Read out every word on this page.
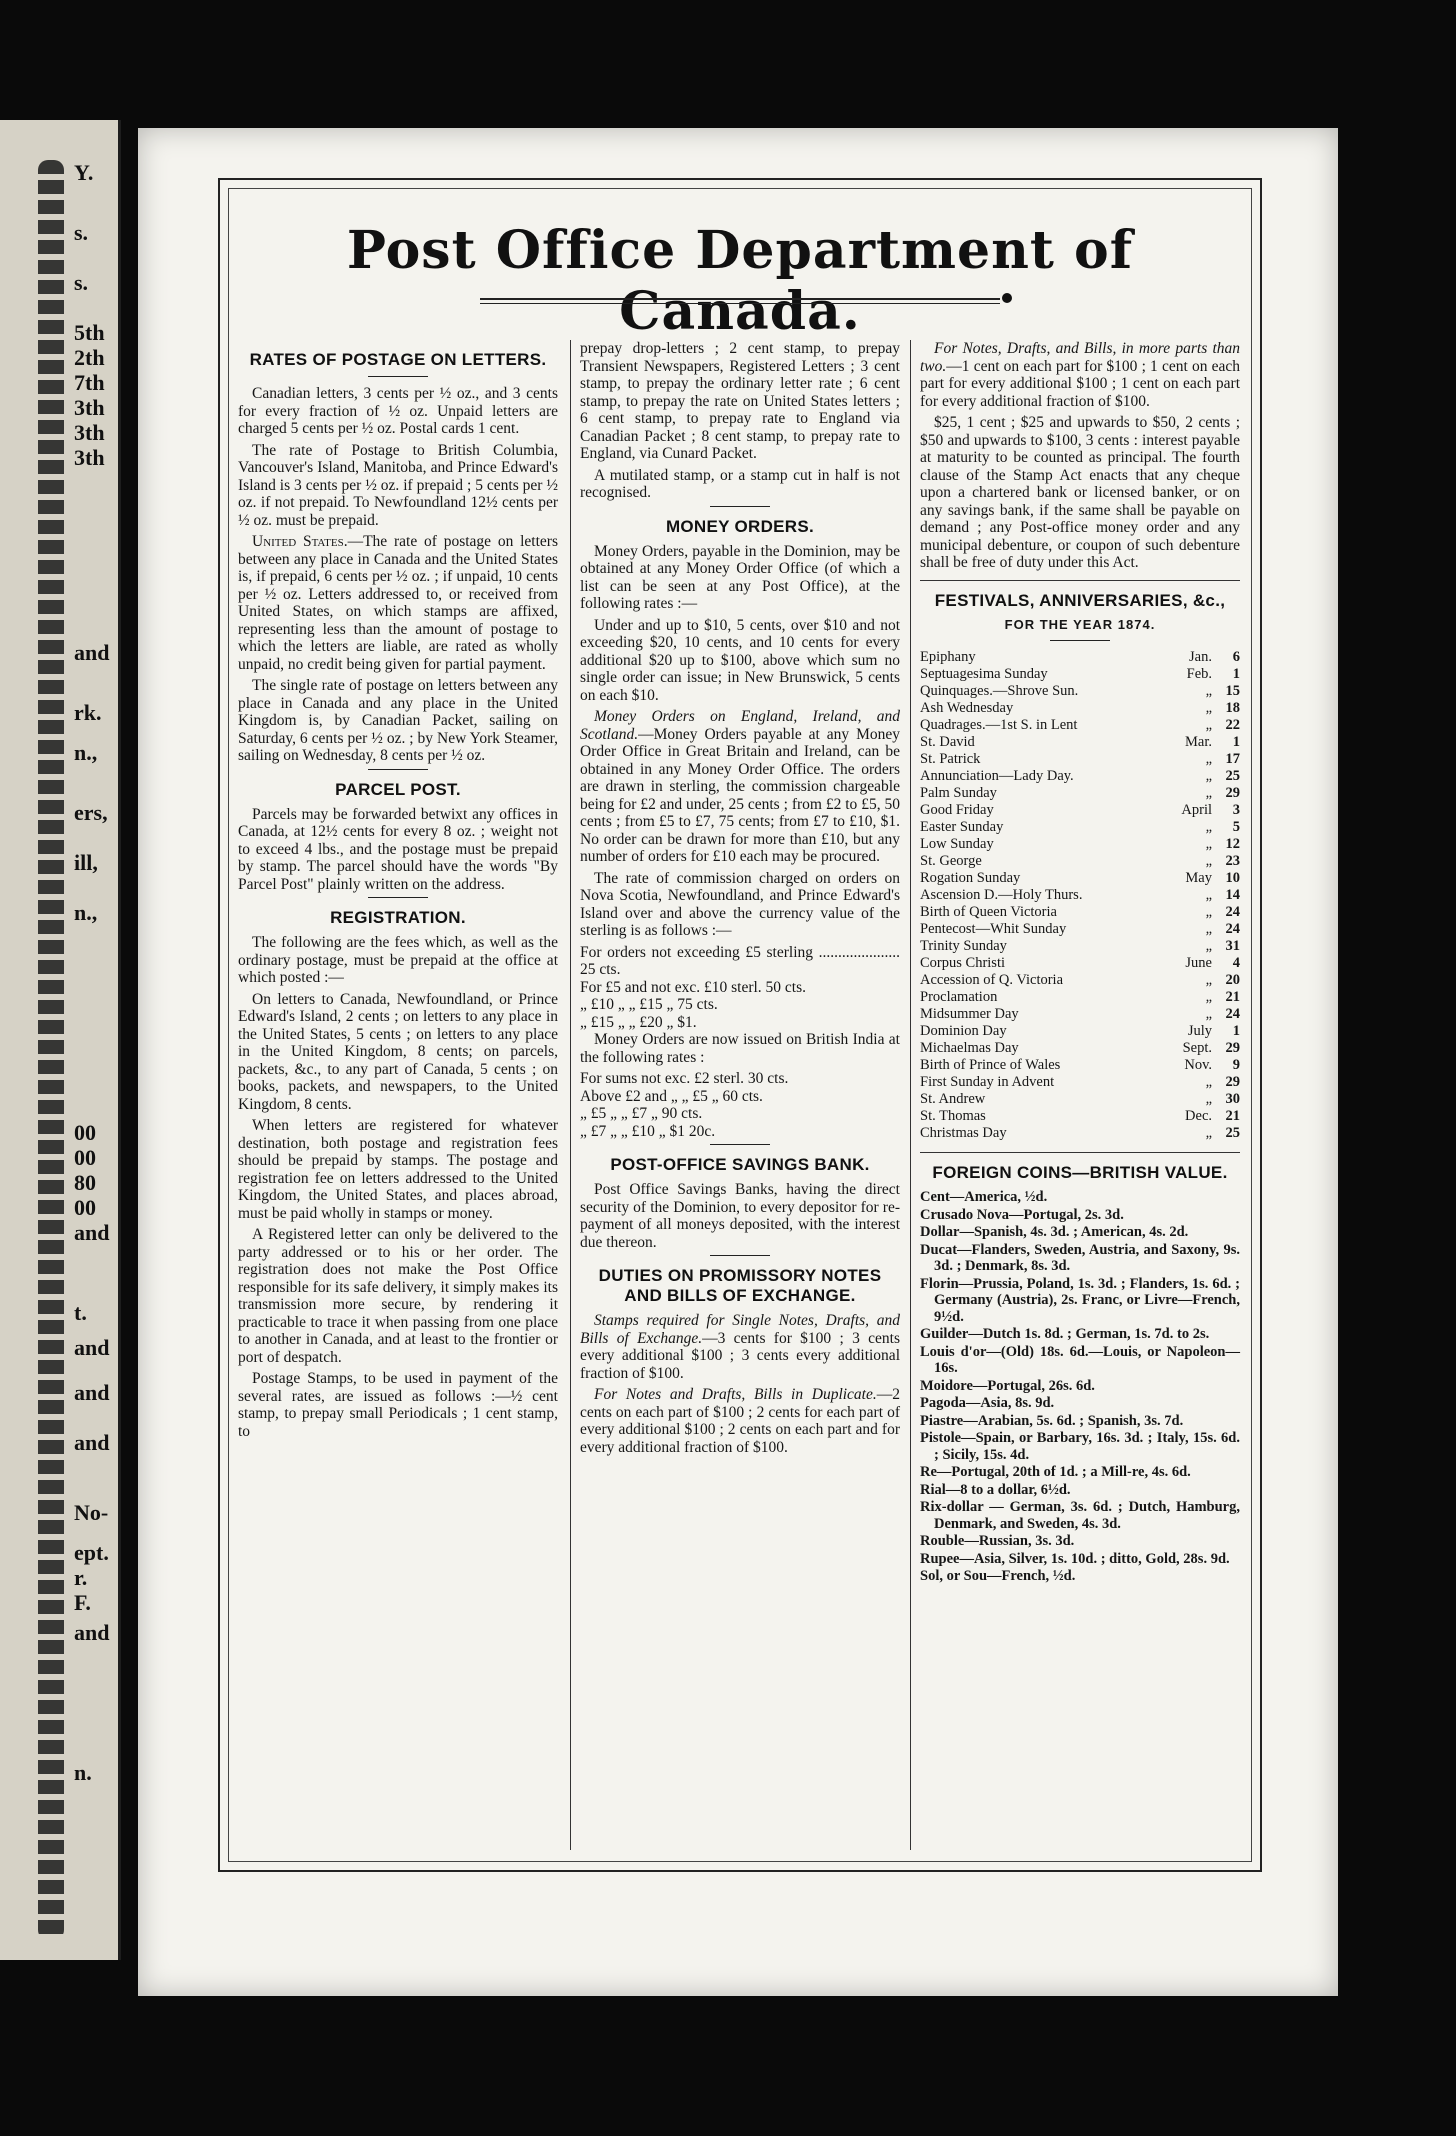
Y.
s.
s.
5th
2th
7th
3th
3th
3th
and
rk.
n.,
ers,
ill,
n.,
00
00
80
00
and
t.
and
and
and
No-
ept.
r.
F.
and
n.
Post Office Department of Canada.
RATES OF POSTAGE ON LETTERS.

Canadian letters, 3 cents per ½ oz., and 3 cents for every fraction of ½ oz. Unpaid letters are charged 5 cents per ½ oz. Postal cards 1 cent.

The rate of Postage to British Columbia, Vancouver's Island, Manitoba, and Prince Edward's Island is 3 cents per ½ oz. if prepaid ; 5 cents per ½ oz. if not prepaid. To Newfoundland 12½ cents per ½ oz. must be prepaid.

United States.—The rate of postage on letters between any place in Canada and the United States is, if prepaid, 6 cents per ½ oz. ; if unpaid, 10 cents per ½ oz. Letters addressed to, or received from United States, on which stamps are affixed, representing less than the amount of postage to which the letters are liable, are rated as wholly unpaid, no credit being given for partial payment.

The single rate of postage on letters between any place in Canada and any place in the United Kingdom is, by Canadian Packet, sailing on Saturday, 6 cents per ½ oz. ; by New York Steamer, sailing on Wednesday, 8 cents per ½ oz.

PARCEL POST.

Parcels may be forwarded betwixt any offices in Canada, at 12½ cents for every 8 oz. ; weight not to exceed 4 lbs., and the postage must be prepaid by stamp. The parcel should have the words "By Parcel Post" plainly written on the address.

REGISTRATION.

The following are the fees which, as well as the ordinary postage, must be prepaid at the office at which posted :—

On letters to Canada, Newfoundland, or Prince Edward's Island, 2 cents ; on letters to any place in the United States, 5 cents ; on letters to any place in the United Kingdom, 8 cents; on parcels, packets, &c., to any part of Canada, 5 cents ; on books, packets, and newspapers, to the United Kingdom, 8 cents.

When letters are registered for whatever destination, both postage and registration fees should be prepaid by stamps. The postage and registration fee on letters addressed to the United Kingdom, the United States, and places abroad, must be paid wholly in stamps or money.

A Registered letter can only be delivered to the party addressed or to his or her order. The registration does not make the Post Office responsible for its safe delivery, it simply makes its transmission more secure, by rendering it practicable to trace it when passing from one place to another in Canada, and at least to the frontier or port of despatch.

Postage Stamps, to be used in payment of the several rates, are issued as follows :—½ cent stamp, to prepay small Periodicals ; 1 cent stamp, to

prepay drop-letters ; 2 cent stamp, to prepay Transient Newspapers, Registered Letters ; 3 cent stamp, to prepay the ordinary letter rate ; 6 cent stamp, to prepay the rate on United States letters ; 6 cent stamp, to prepay rate to England via Canadian Packet ; 8 cent stamp, to prepay rate to England, via Cunard Packet.

A mutilated stamp, or a stamp cut in half is not recognised.

MONEY ORDERS.

Money Orders, payable in the Dominion, may be obtained at any Money Order Office (of which a list can be seen at any Post Office), at the following rates :—

Under and up to $10, 5 cents, over $10 and not exceeding $20, 10 cents, and 10 cents for every additional $20 up to $100, above which sum no single order can issue; in New Brunswick, 5 cents on each $10.

Money Orders on England, Ireland, and Scotland.—Money Orders payable at any Money Order Office in Great Britain and Ireland, can be obtained in any Money Order Office. The orders are drawn in sterling, the commission chargeable being for £2 and under, 25 cents ; from £2 to £5, 50 cents ; from £5 to £7, 75 cents; from £7 to £10, $1. No order can be drawn for more than £10, but any number of orders for £10 each may be procured.

The rate of commission charged on orders on Nova Scotia, Newfoundland, and Prince Edward's Island over and above the currency value of the sterling is as follows :—

For orders not exceeding £5 sterling ..................... 25 cts.

For £5 and not exc. £10 sterl. 50 cts.

„ £10 „ „ £15 „ 75 cts.

„ £15 „ „ £20 „ $1.

Money Orders are now issued on British India at the following rates :

For sums not exc. £2 sterl. 30 cts.

Above £2 and „ „ £5 „ 60 cts.

„ £5 „ „ £7 „ 90 cts.

„ £7 „ „ £10 „ $1 20c.

POST-OFFICE SAVINGS BANK.

Post Office Savings Banks, having the direct security of the Dominion, to every depositor for re-payment of all moneys deposited, with the interest due thereon.

DUTIES ON PROMISSORY NOTES AND BILLS OF EXCHANGE.

Stamps required for Single Notes, Drafts, and Bills of Exchange.—3 cents for $100 ; 3 cents every additional $100 ; 3 cents every additional fraction of $100.

For Notes and Drafts, Bills in Duplicate.—2 cents on each part of $100 ; 2 cents for each part of every additional $100 ; 2 cents on each part and for every additional fraction of $100.

For Notes, Drafts, and Bills, in more parts than two.—1 cent on each part for $100 ; 1 cent on each part for every additional $100 ; 1 cent on each part for every additional fraction of $100.

$25, 1 cent ; $25 and upwards to $50, 2 cents ; $50 and upwards to $100, 3 cents : interest payable at maturity to be counted as principal. The fourth clause of the Stamp Act enacts that any cheque upon a chartered bank or licensed banker, or on any savings bank, if the same shall be payable on demand ; any Post-office money order and any municipal debenture, or coupon of such debenture shall be free of duty under this Act.

FESTIVALS, ANNIVERSARIES, &c.,
FOR THE YEAR 1874.
Epiphany		Jan.	6
Septuagesima Sunday		Feb.	1
Quinquages.—Shrove Sun.		„	15
Ash Wednesday		„	18
Quadrages.—1st S. in Lent		„	22
St. David		Mar.	1
St. Patrick		„	17
Annunciation—Lady Day.		„	25
Palm Sunday		„	29
Good Friday		April	3
Easter Sunday		„	5
Low Sunday		„	12
St. George		„	23
Rogation Sunday		May	10
Ascension D.—Holy Thurs.		„	14
Birth of Queen Victoria		„	24
Pentecost—Whit Sunday		„	24
Trinity Sunday		„	31
Corpus Christi		June	4
Accession of Q. Victoria		„	20
Proclamation		„	21
Midsummer Day		„	24
Dominion Day		July	1
Michaelmas Day		Sept.	29
Birth of Prince of Wales		Nov.	9
First Sunday in Advent		„	29
St. Andrew		„	30
St. Thomas		Dec.	21
Christmas Day		„	25
FOREIGN COINS—BRITISH VALUE.

Cent—America, ½d.

Crusado Nova—Portugal, 2s. 3d.

Dollar—Spanish, 4s. 3d. ; American, 4s. 2d.

Ducat—Flanders, Sweden, Austria, and Saxony, 9s. 3d. ; Denmark, 8s. 3d.

Florin—Prussia, Poland, 1s. 3d. ; Flanders, 1s. 6d. ; Germany (Austria), 2s. Franc, or Livre—French, 9½d.

Guilder—Dutch 1s. 8d. ; German, 1s. 7d. to 2s.

Louis d'or—(Old) 18s. 6d.—Louis, or Napoleon—16s.

Moidore—Portugal, 26s. 6d.

Pagoda—Asia, 8s. 9d.

Piastre—Arabian, 5s. 6d. ; Spanish, 3s. 7d.

Pistole—Spain, or Barbary, 16s. 3d. ; Italy, 15s. 6d. ; Sicily, 15s. 4d.

Re—Portugal, 20th of 1d. ; a Mill-re, 4s. 6d.

Rial—8 to a dollar, 6½d.

Rix-dollar — German, 3s. 6d. ; Dutch, Hamburg, Denmark, and Sweden, 4s. 3d.

Rouble—Russian, 3s. 3d.

Rupee—Asia, Silver, 1s. 10d. ; ditto, Gold, 28s. 9d.

Sol, or Sou—French, ½d.
